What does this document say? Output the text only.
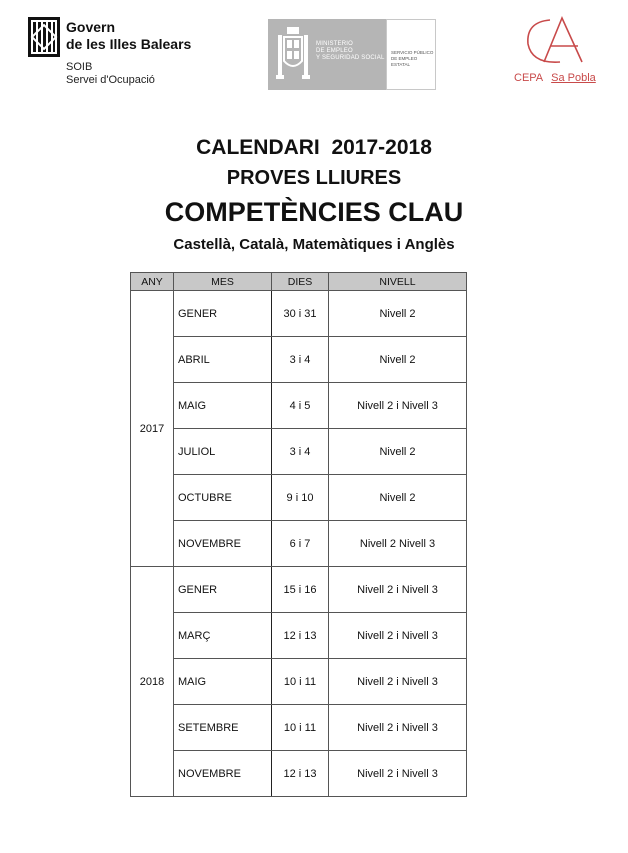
Govern
de les Illes Balears
SOIB
Servei d'Ocupació
MINISTERIO
DE EMPLEO
Y SEGURIDAD SOCIAL
SERVICIO PÚBLICO
DE EMPLEO ESTATAL
CEPA Sa Pobla
CALENDARI  2017-2018
PROVES LLIURES
COMPETÈNCIES CLAU
Castellà, Català, Matemàtiques i Anglès
ANY	MES	DIES	NIVELL
2017	GENER	30 i 31	Nivell 2
	ABRIL	3 i 4	Nivell 2
	MAIG	4 i 5	Nivell 2 i Nivell 3
	JULIOL	3 i 4	Nivell 2
	OCTUBRE	9 i 10	Nivell 2
	NOVEMBRE	6 i 7	Nivell 2 Nivell 3
2018	GENER	15 i 16	Nivell 2 i Nivell 3
	MARÇ	12 i 13	Nivell 2 i Nivell 3
	MAIG	10 i 11	Nivell 2 i Nivell 3
	SETEMBRE	10 i 11	Nivell 2 i Nivell 3
	NOVEMBRE	12 i 13	Nivell 2 i Nivell 3
